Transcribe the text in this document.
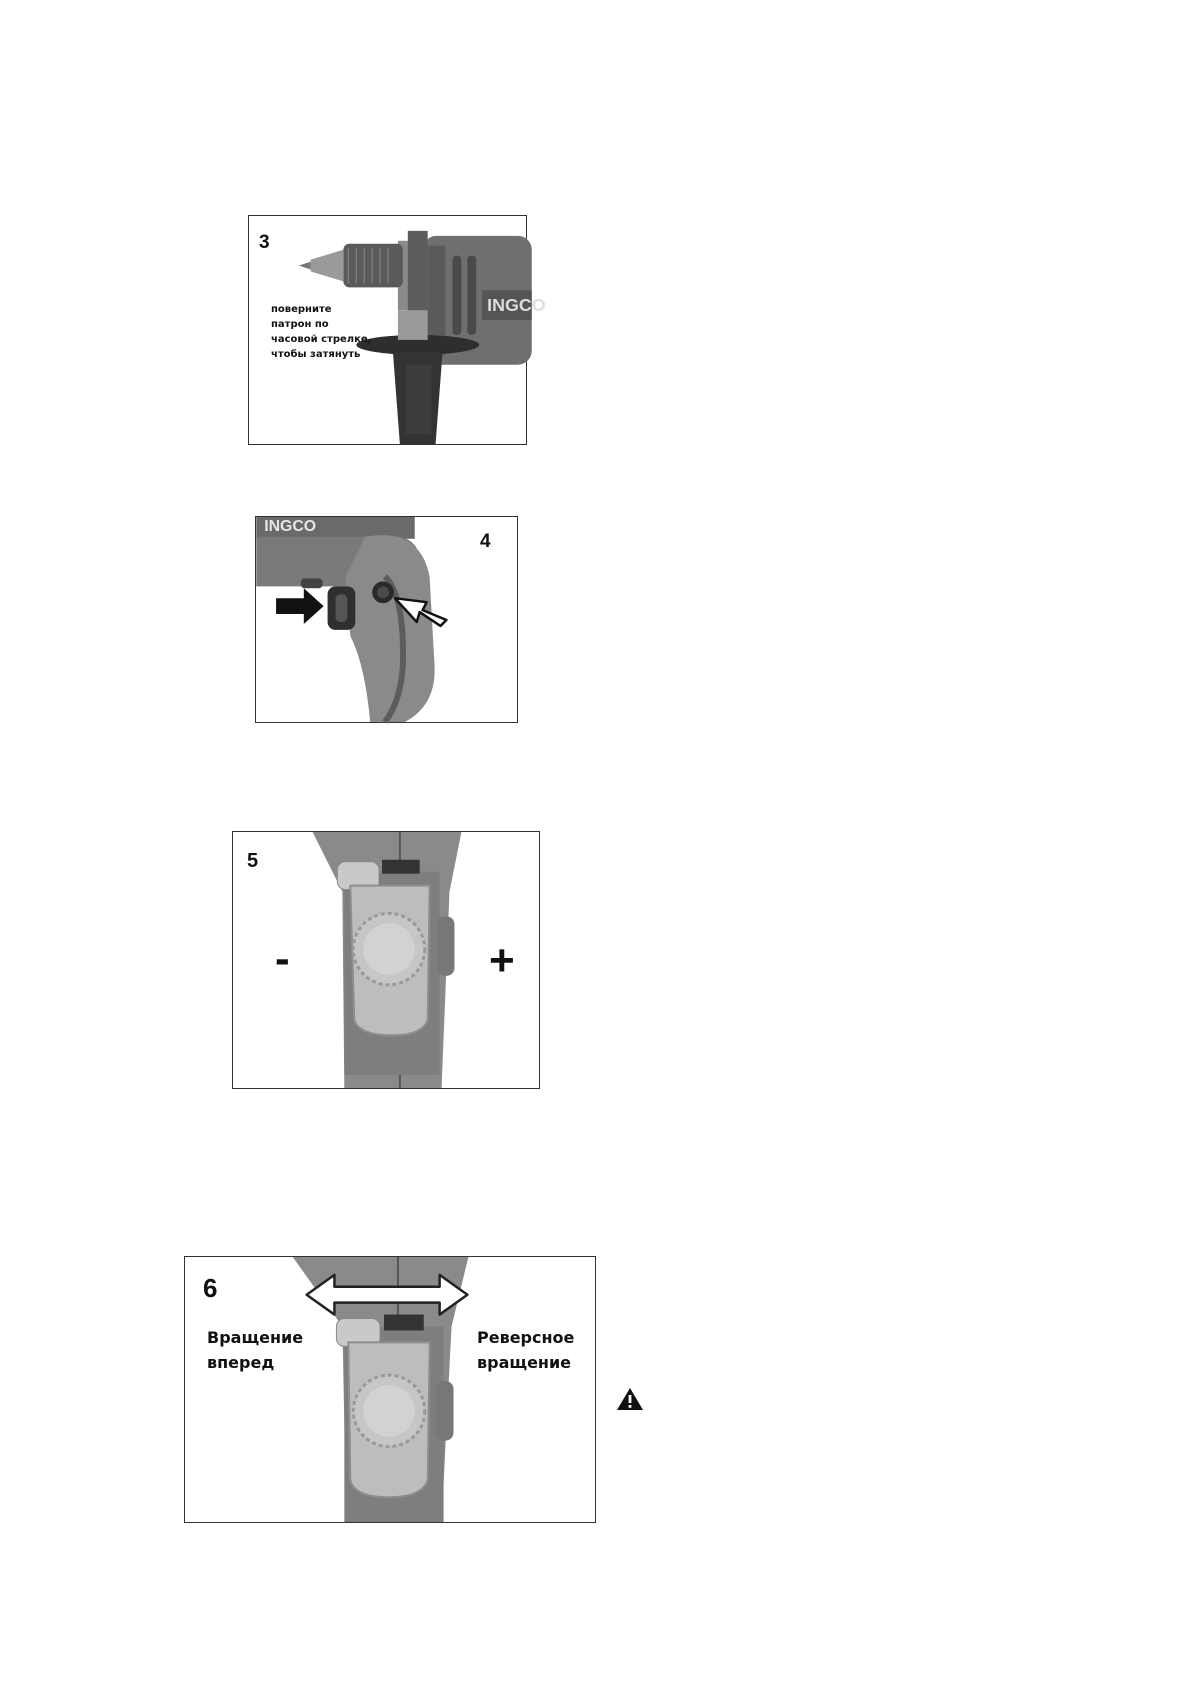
INGCO
3
поверните
патрон по
часовой стрелке,
чтобы затянуть
INGCO
4
5
-	+
6
Вращение
вперед
Реверсное
вращение
